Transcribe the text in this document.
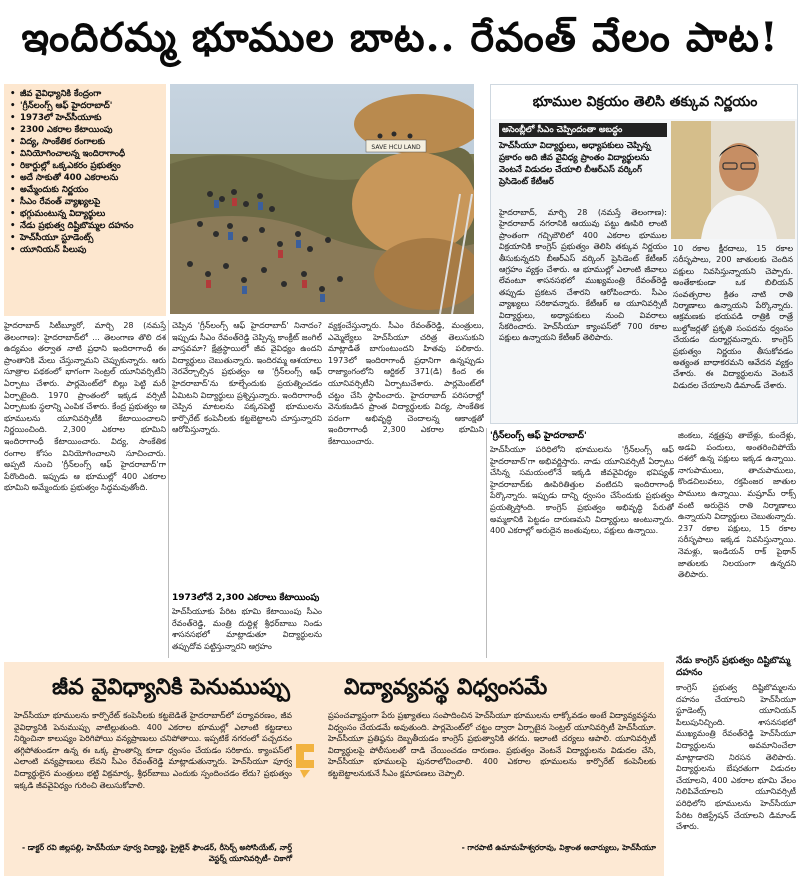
ఇందిరమ్మ భూముల బాట.. రేవంత్ వేలం పాట!
• జీవ వైవిధ్యానికి కేంద్రంగా
• 'గ్రీన్‌లంగ్స్ ఆఫ్ హైదరాబాద్'
• 1973లో హెచ్‌సీయూకు
• 2300 ఎకరాల కేటాయింపు
• విద్య, సాంకేతిక రంగాలకు
• వినియోగించాలన్న ఇందిరాగాంధీ
• రికార్డుల్లో ఒక్కఎకరం ప్రభుత్వం
• అదే సాకుతో 400 ఎకరాలను
• అమ్మేందుకు నిర్ణయం
• సీఎం రేవంత్ వ్యాఖ్యలపై
• భగ్గుమంటున్న విద్యార్థులు
• నేడు ప్రభుత్వ దిష్టిబొమ్మల దహనం
• హెచ్‌సీయూ స్టూడెంట్స్
• యూనియన్ పిలుపు
SAVE HCU LAND
భూముల విక్రయం తెలిసి తక్కువ నిర్ణయం
అసెంబ్లీలో సీఎం చెప్పిందంతా అబద్ధం
హెచ్‌సీయూ విద్యార్థులు, అధ్యాపకులు చెప్పిన్న ప్రకారం అది జీవ వైవిధ్య ప్రాంతం విద్యార్థులను వెంటనే విడుదల చేయాలి బీఆర్‌ఎస్ వర్కింగ్ ప్రెసిడెంట్ కేటీఆర్
హైదరాబాద్, మార్చి 28 (నమస్తే తెలంగాణ): హైదరాబాద్ నగరానికి ఆయువు పట్టు ఊపిరి లాంటి ప్రాంతంగా గచ్చిబౌలిలో 400 ఎకరాల భూముల విక్రయానికి కాంగ్రెస్ ప్రభుత్వం తెలిసి తక్కువ నిర్ణయం తీసుకున్నదని బీఆర్‌ఎస్ వర్కింగ్ ప్రెసిడెంట్ కేటీఆర్ ఆగ్రహం వ్యక్తం చేశారు. ఆ భూముల్లో ఎలాంటి జీవాలు లేవంటూ శాసనసభలో ముఖ్యమంత్రి రేవంత్‌రెడ్డి తప్పుడు ప్రకటన చేశారని ఆరోపించారు. సీఎం వ్యాఖ్యలు సరికావన్నారు. కేటీఆర్ ఆ యూనివర్సిటీ విద్యార్థులు, అధ్యాపకులు నుంచి వివరాలు సేకరించారు. హెచ్‌సీయూ క్యాంపస్‌లో 700 రకాల పక్షులు ఉన్నాయని కేటీఆర్ తెలిపారు.
10 రకాల క్షీరదాలు, 15 రకాల సరీసృపాలు, 200 జాతులకు చెందిన పక్షులు నివసిస్తున్నాయని చెప్పారు. అంతేకాకుండా ఒక బిలియన్ సంవత్సరాల క్రితం నాటి రాతి నిర్మాణాలు ఉన్నాయని పేర్కొన్నారు. ఆక్రమణకు భయపడి రాత్రికి రాత్రే బుల్డోజర్లతో ప్రకృతి సంపదను ధ్వంసం చేయడం దుర్మార్గమన్నారు. కాంగ్రెస్ ప్రభుత్వం నిర్ణయం తీసుకోవడం అత్యంత బాధాకరమని ఆవేదన వ్యక్తం చేశారు. ఈ విద్యార్థులను వెంటనే విడుదల చేయాలని డిమాండ్ చేశారు.
హైదరాబాద్ సిటీబ్యూరో, మార్చి 28 (నమస్తే తెలంగాణ): హైదరాబాద్‌లో ... తెలంగాణ తొలి దశ ఉద్యమం తర్వాత నాటి ప్రధాని ఇందిరాగాంధీ ఈ ప్రాంతానికి మేలు చేస్తున్నామని చెప్పుకున్నారు. ఆరు సూత్రాల పథకంలో భాగంగా సెంట్రల్ యూనివర్సిటీని ఏర్పాటు చేశారు. పార్లమెంట్‌లో బిల్లు పెట్టి మరీ ఏర్పాటైంది. 1970 ప్రాంతంలో ఇక్కడ వర్సిటీ ఏర్పాటుకు స్థలాన్ని ఎంపిక చేశారు. కేంద్ర ప్రభుత్వం ఆ భూములను యూనివర్సిటీకి కేటాయించాలని నిర్ణయించింది. 2,300 ఎకరాల భూమిని ఇందిరాగాంధీ కేటాయించారు. విద్య, సాంకేతిక రంగాల కోసం వినియోగించాలని సూచించారు. అప్పటి నుంచి 'గ్రీన్‌లంగ్స్ ఆఫ్ హైదరాబాద్'గా పేరొందింది. ఇప్పుడు ఆ భూముల్లో 400 ఎకరాల భూమిని అమ్మేందుకు ప్రభుత్వం సిద్ధమవుతోంది.
చెప్పిన 'గ్రీన్‌లంగ్స్ ఆఫ్ హైదరాబాద్' నినాదం? ఇప్పుడు సీఎం రేవంత్‌రెడ్డి చెప్పిన్న కాంక్రీట్ జంగిల్ వాస్తవమా? క్షేత్రస్థాయిలో జీవ వైవిధ్యం ఉందని విద్యార్థులు చెబుతున్నారు. ఇందిరమ్మ ఆశయాలు నెరవేర్చాల్సిన ప్రభుత్వం ఆ 'గ్రీన్‌లంగ్స్ ఆఫ్ హైదరాబాద్'ను కూల్చేందుకు ప్రయత్నించడం ఏమిటని విద్యార్థులు ప్రశ్నిస్తున్నారు. ఇందిరాగాంధీ చెప్పిన మాటలను పక్కనపెట్టి భూములను కార్పొరేట్ కంపెనీలకు కట్టబెట్టాలని చూస్తున్నారని ఆరోపిస్తున్నారు.
1973లోనే 2,300 ఎకరాలు కేటాయింపు
హెచ్‌సీయూకు పేరిట భూమి కేటాయింపు సీఎం రేవంత్‌రెడ్డి, మంత్రి దుద్దిళ్ల శ్రీధర్‌బాబు నిండు శాసనసభలో మాట్లాడుతూ విద్యార్థులను తప్పుదోవ పట్టిస్తున్నారని ఆగ్రహం
వ్యక్తంచేస్తున్నారు. సీఎం రేవంత్‌రెడ్డి, మంత్రులు, ఎమ్మెల్యేలు హెచ్‌సీయూ చరిత్ర తెలుసుకుని మాట్లాడితే బాగుంటుందని హితవు పలికారు. 1973లో ఇందిరాగాంధీ ప్రధానిగా ఉన్నప్పుడు రాజ్యాంగంలోని ఆర్టికల్ 371(డి) కింద ఈ యూనివర్సిటీని ఏర్పాటుచేశారు. పార్లమెంట్‌లో చట్టం చేసి స్థాపించారు. హైదరాబాద్ పరిసరాల్లో వెనుకబడిన ప్రాంత విద్యార్థులకు విద్య, సాంకేతిక పరంగా అభివృద్ధి చెందాలన్న ఆకాంక్షతో ఇందిరాగాంధీ 2,300 ఎకరాల భూమిని కేటాయించారు.
'గ్రీన్‌లంగ్స్ ఆఫ్ హైదరాబాద్'
హెచ్‌సీయూ పరిధిలోని భూములను 'గ్రీన్‌లంగ్స్ ఆఫ్ హైదరాబాద్'గా అభివర్ణిస్తారు. నాడు యూనివర్సిటీ ఏర్పాటు చేసిన్న సమయంలోనే ఇక్కడి జీవవైవిధ్యం భవిష్యత్ హైదరాబాద్‌కు ఊపిరితిత్తుల వంటిదని ఇందిరాగాంధీ పేర్కొన్నారు. ఇప్పుడు దాన్ని ధ్వంసం చేసేందుకు ప్రభుత్వం ప్రయత్నిస్తోంది. కాంగ్రెస్ ప్రభుత్వం అభివృద్ధి పేరుతో అమ్మకానికి పెట్టడం దారుణమని విద్యార్థులు అంటున్నారు. 400 ఎకరాల్లో అరుదైన జంతువులు, పక్షులు ఉన్నాయి.
జింకలు, నక్షత్రపు తాబేళ్లు, కుందేళ్లు, అడవి పందులు, అంతరించిపోయే దశలో ఉన్న పక్షులు ఇక్కడ ఉన్నాయి. నాగుపాములు, తాచుపాములు, కొండచిలువలు, రక్తపింజర జాతుల పాములు ఉన్నాయి. మష్రూమ్ రాక్స్ వంటి అరుదైన రాతి నిర్మాణాలు ఉన్నాయని విద్యార్థులు చెబుతున్నారు. 237 రకాల పక్షులు, 15 రకాల సరీసృపాలు ఇక్కడ నివసిస్తున్నాయి. నెమళ్లు, ఇండియన్ రాక్ పైథాన్ జాతులకు నిలయంగా ఉన్నదని తెలిపారు.
నేడు కాంగ్రెస్ ప్రభుత్వం దిష్టిబొమ్మ దహనం
కాంగ్రెస్ ప్రభుత్వ దిష్టిబొమ్మలను దహనం చేయాలని హెచ్‌సీయూ స్టూడెంట్స్ యూనియన్ పిలుపునిచ్చింది. శాసనసభలో ముఖ్యమంత్రి రేవంత్‌రెడ్డి హెచ్‌సీయూ విద్యార్థులను అవమానించేలా మాట్లాడారని నిరసన తెలిపారు. విద్యార్థులను బేషరతుగా విడుదల చేయాలని, 400 ఎకరాల భూమి వేలం నిలిపివేయాలని యూనివర్సిటీ పరిధిలోని భూములను హెచ్‌సీయూ పేరిట రిజిస్ట్రేషన్ చేయాలని డిమాండ్ చేశారు.
జీవ వైవిధ్యానికి పెనుముప్పు
హెచ్‌సీయూ భూములను కార్పొరేట్ కంపెనీలకు కట్టబెడితే హైదరాబాద్‌లో పర్యావరణం, జీవ వైవిధ్యానికి పెనుముప్పు వాటిల్లుతుంది. 400 ఎకరాల భూముల్లో ఎలాంటి కట్టడాలు నిర్మించినా కాలుష్యం పెరిగిపోయి వన్యప్రాణులు చనిపోతాయి. ఇప్పటికే నగరంలో పచ్చదనం తగ్గిపోతుండగా ఉన్న ఈ ఒక్క ప్రాంతాన్ని కూడా ధ్వంసం చేయడం సరికాదు. క్యాంపస్‌లో ఎలాంటి వన్యప్రాణులు లేవని సీఎం రేవంత్‌రెడ్డి మాట్లాడుతున్నారు. హెచ్‌సీయూ పూర్వ విద్యార్థులైన మంత్రులు భట్టి విక్రమార్క, శ్రీధర్‌బాబు ఎందుకు స్పందించడం లేదు? ప్రభుత్వం ఇక్కడి జీవవైవిధ్యం గురించి తెలుసుకోవాలి.
- డాక్టర్ రవి జిల్లపల్లి, హెచ్‌సీయూ పూర్వ విద్యార్థి, ప్రైలైన్ ఫౌండర్, రీసెర్చ్ అసోసియేట్, నార్త్ వెస్టర్న్ యూనివర్సిటీ- చికాగో
విద్యావ్యవస్థ విధ్వంసమే
ప్రపంచవ్యాప్తంగా పేరు ప్రఖ్యాతలు సంపాదించిన హెచ్‌సీయూ భూములను లాక్కోవడం అంటే విద్యావ్యవస్థను విధ్వంసం చేయడమే అవుతుంది. పార్లమెంట్‌లో చట్టం ద్వారా ఏర్పాటైన సెంట్రల్ యూనివర్సిటీ హెచ్‌సీయూ. హెచ్‌సీయూ ప్రతిష్ఠను దెబ్బతీయడం కాంగ్రెస్ ప్రభుత్వానికి తగదు. ఇలాంటి చర్యలు ఆపాలి. యూనివర్సిటీ విద్యార్థులపై పోలీసులతో దాడి చేయించడం దారుణం. ప్రభుత్వం వెంటనే విద్యార్థులను విడుదల చేసి, హెచ్‌సీయూ భూములపై పునరాలోచించాలి. 400 ఎకరాల భూములను కార్పొరేట్ కంపెనీలకు కట్టబెట్టాలనుకునే సీఎం క్షమాపణలు చెప్పాలి.
- గారపాటి ఉమామహేశ్వరరావు, విశ్రాంత ఆచార్యులు, హెచ్‌సీయూ
